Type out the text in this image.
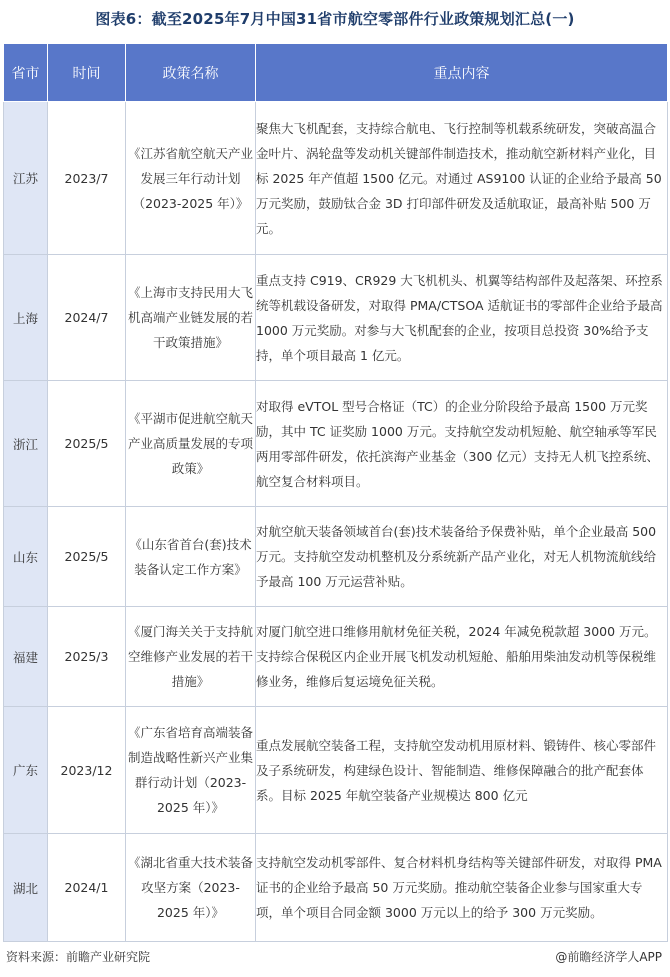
图表6：截至2025年7月中国31省市航空零部件行业政策规划汇总(一)
省市	时间	政策名称	重点内容
江苏	2023/7	《江苏省航空航天产业发展三年行动计划（2023-2025 年）》	聚焦大飞机配套，支持综合航电、飞行控制等机载系统研发，突破高温合金叶片、涡轮盘等发动机关键部件制造技术，推动航空新材料产业化，目标 2025 年产值超 1500 亿元。对通过 AS9100 认证的企业给予最高 50 万元奖励，鼓励钛合金 3D 打印部件研发及适航取证，最高补贴 500 万元。
上海	2024/7	《上海市支持民用大飞机高端产业链发展的若干政策措施》	重点支持 C919、CR929 大飞机机头、机翼等结构部件及起落架、环控系统等机载设备研发，对取得 PMA/CTSOA 适航证书的零部件企业给予最高 1000 万元奖励。对参与大飞机配套的企业，按项目总投资 30%给予支持，单个项目最高 1 亿元。
浙江	2025/5	《平湖市促进航空航天产业高质量发展的专项政策》	对取得 eVTOL 型号合格证（TC）的企业分阶段给予最高 1500 万元奖励，其中 TC 证奖励 1000 万元。支持航空发动机短舱、航空轴承等军民两用零部件研发，依托滨海产业基金（300 亿元）支持无人机飞控系统、航空复合材料项目。
山东	2025/5	《山东省首台(套)技术装备认定工作方案》	对航空航天装备领域首台(套)技术装备给予保费补贴，单个企业最高 500 万元。支持航空发动机整机及分系统新产品产业化，对无人机物流航线给予最高 100 万元运营补贴。
福建	2025/3	《厦门海关关于支持航空维修产业发展的若干措施》	对厦门航空进口维修用航材免征关税，2024 年减免税款超 3000 万元。支持综合保税区内企业开展飞机发动机短舱、船舶用柴油发动机等保税维修业务，维修后复运境免征关税。
广东	2023/12	《广东省培育高端装备制造战略性新兴产业集群行动计划（2023-2025 年）》	重点发展航空装备工程，支持航空发动机用原材料、锻铸件、核心零部件及子系统研发，构建绿色设计、智能制造、维修保障融合的批产配套体系。目标 2025 年航空装备产业规模达 800 亿元
湖北	2024/1	《湖北省重大技术装备攻坚方案（2023-2025 年）》	支持航空发动机零部件、复合材料机身结构等关键部件研发，对取得 PMA 证书的企业给予最高 50 万元奖励。推动航空装备企业参与国家重大专项，单个项目合同金额 3000 万元以上的给予 300 万元奖励。
资料来源：前瞻产业研究院	@前瞻经济学人APP
